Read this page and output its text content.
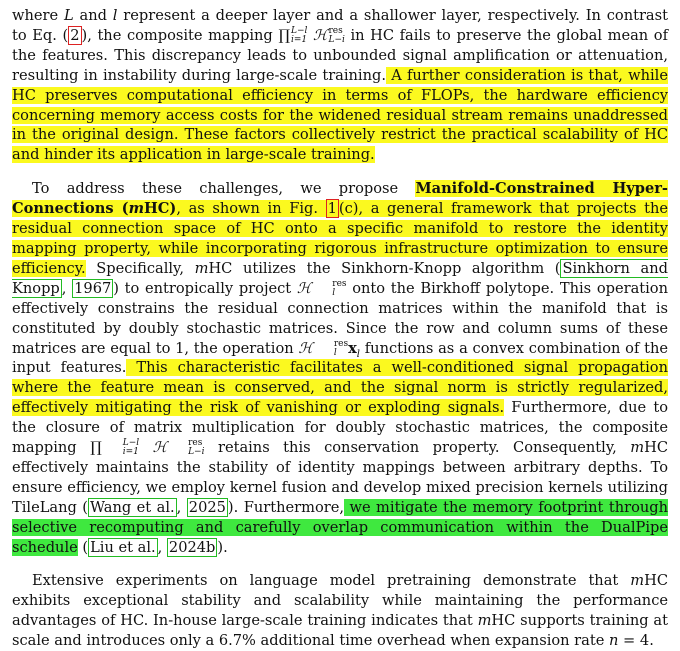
where L and l represent a deeper layer and a shallower layer, respectively. In contrast to Eq. ( 2 ), the composite mapping ∏ L−l
i=1 ℋ res
L−i in HC fails to preserve the global mean of the features. This discrepancy leads to unbounded signal amplification or attenuation, resulting in instability during large-scale training. A further consideration is that, while HC preserves computational efficiency in terms of FLOPs, the hardware efficiency concerning memory access costs for the widened residual stream remains unaddressed in the original design. These factors collectively restrict the practical scalability of HC and hinder its application in large-scale training.

To address these challenges, we propose Manifold-Constrained Hyper-Connections (mHC), as shown in Fig. 1 (c), a general framework that projects the residual connection space of HC onto a specific manifold to restore the identity mapping property, while incorporating rigorous infrastructure optimization to ensure efficiency. Specifically, mHC utilizes the Sinkhorn-Knopp algorithm ( Sinkhorn and Knopp , 1967 ) to entropically project ℋ	res
l onto the Birkhoff polytope. This operation effectively constrains the residual connection matrices within the manifold that is constituted by doubly stochastic matrices. Since the row and column sums of these matrices are equal to 1, the operation ℋ	res
l $x_l$ functions as a convex combination of the input features. This characteristic facilitates a well-conditioned signal propagation where the feature mean is conserved, and the signal norm is strictly regularized, effectively mitigating the risk of vanishing or exploding signals. Furthermore, due to the closure of matrix multiplication for doubly stochastic matrices, the composite mapping ∏	L−l
i=1 ℋ	res
L−i retains this conservation property. Consequently, mHC effectively maintains the stability of identity mappings between arbitrary depths. To ensure efficiency, we employ kernel fusion and develop mixed precision kernels utilizing TileLang ( Wang et al. , 2025 ). Furthermore, we mitigate the memory footprint through selective recomputing and carefully overlap communication within the DualPipe schedule ( Liu et al. , 2024b ).

Extensive experiments on language model pretraining demonstrate that mHC exhibits exceptional stability and scalability while maintaining the performance advantages of HC. In-house large-scale training indicates that mHC supports training at scale and introduces only a 6.7% additional time overhead when expansion rate n = 4.
